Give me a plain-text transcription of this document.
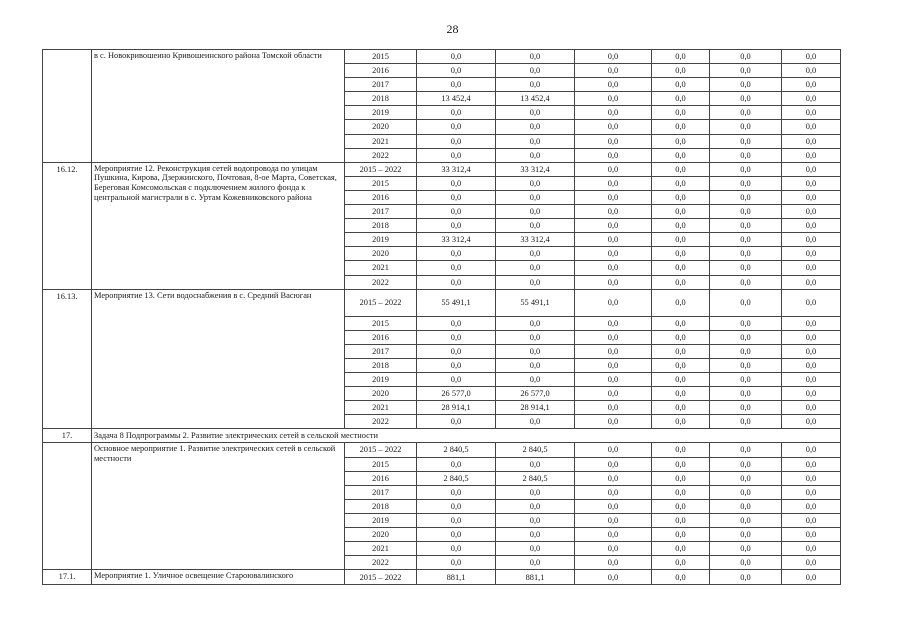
28
	в с. Новокривошеино Кривошеинского района Томской области	2015	0,0	0,0	0,0	0,0	0,0	0,0
		2016	0,0	0,0	0,0	0,0	0,0	0,0
		2017	0,0	0,0	0,0	0,0	0,0	0,0
		2018	13 452,4	13 452,4	0,0	0,0	0,0	0,0
		2019	0,0	0,0	0,0	0,0	0,0	0,0
		2020	0,0	0,0	0,0	0,0	0,0	0,0
		2021	0,0	0,0	0,0	0,0	0,0	0,0
		2022	0,0	0,0	0,0	0,0	0,0	0,0
16.12.	Мероприятие 12. Реконструкция сетей водопровода по улицам Пушкина, Кирова, Дзержинского, Почтовая, 8-ое Марта, Советская, Береговая Комсомольская с подключением жилого фонда к центральной магистрали в с. Уртам Кожевниковского района	2015 – 2022	33 312,4	33 312,4	0,0	0,0	0,0	0,0
		2015	0,0	0,0	0,0	0,0	0,0	0,0
		2016	0,0	0,0	0,0	0,0	0,0	0,0
		2017	0,0	0,0	0,0	0,0	0,0	0,0
		2018	0,0	0,0	0,0	0,0	0,0	0,0
		2019	33 312,4	33 312,4	0,0	0,0	0,0	0,0
		2020	0,0	0,0	0,0	0,0	0,0	0,0
		2021	0,0	0,0	0,0	0,0	0,0	0,0
		2022	0,0	0,0	0,0	0,0	0,0	0,0
16.13.	Мероприятие 13. Сети водоснабжения в с. Средний Васюган	2015 – 2022	55 491,1	55 491,1	0,0	0,0	0,0	0,0
		2015	0,0	0,0	0,0	0,0	0,0	0,0
		2016	0,0	0,0	0,0	0,0	0,0	0,0
		2017	0,0	0,0	0,0	0,0	0,0	0,0
		2018	0,0	0,0	0,0	0,0	0,0	0,0
		2019	0,0	0,0	0,0	0,0	0,0	0,0
		2020	26 577,0	26 577,0	0,0	0,0	0,0	0,0
		2021	28 914,1	28 914,1	0,0	0,0	0,0	0,0
		2022	0,0	0,0	0,0	0,0	0,0	0,0
17.	Задача 8 Подпрограммы 2. Развитие электрических сетей в сельской местности							
	Основное мероприятие 1. Развитие электрических сетей в сельской местности	2015 – 2022	2 840,5	2 840,5	0,0	0,0	0,0	0,0
		2015	0,0	0,0	0,0	0,0	0,0	0,0
		2016	2 840,5	2 840,5	0,0	0,0	0,0	0,0
		2017	0,0	0,0	0,0	0,0	0,0	0,0
		2018	0,0	0,0	0,0	0,0	0,0	0,0
		2019	0,0	0,0	0,0	0,0	0,0	0,0
		2020	0,0	0,0	0,0	0,0	0,0	0,0
		2021	0,0	0,0	0,0	0,0	0,0	0,0
		2022	0,0	0,0	0,0	0,0	0,0	0,0
17.1.	Мероприятие 1. Уличное освещение Староювалинского	2015 – 2022	881,1	881,1	0,0	0,0	0,0	0,0
